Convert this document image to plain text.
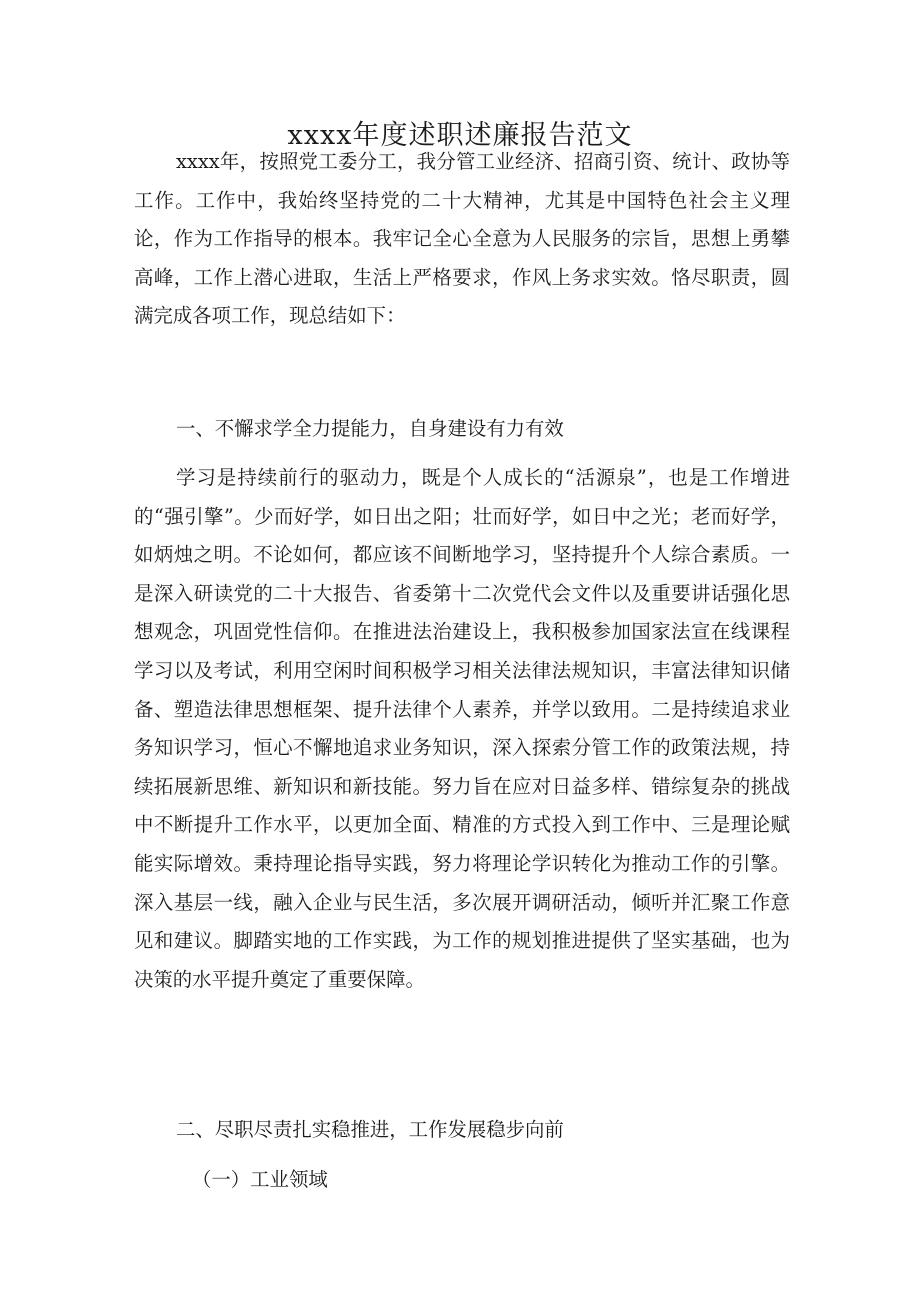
xxxx年度述职述廉报告范文

xxxx年，按照党工委分工，我分管工业经济、招商引资、统计、政协等工作。工作中，我始终坚持党的二十大精神，尤其是中国特色社会主义理论，作为工作指导的根本。我牢记全心全意为人民服务的宗旨，思想上勇攀高峰，工作上潜心进取，生活上严格要求，作风上务求实效。恪尽职责，圆满完成各项工作，现总结如下：

一、不懈求学全力提能力，自身建设有力有效

学习是持续前行的驱动力，既是个人成长的“活源泉”，也是工作增进的“强引擎”。少而好学，如日出之阳；壮而好学，如日中之光；老而好学，如炳烛之明。不论如何，都应该不间断地学习，坚持提升个人综合素质。一是深入研读党的二十大报告、省委第十二次党代会文件以及重要讲话强化思想观念，巩固党性信仰。在推进法治建设上，我积极参加国家法宣在线课程学习以及考试，利用空闲时间积极学习相关法律法规知识，丰富法律知识储备、塑造法律思想框架、提升法律个人素养，并学以致用。二是持续追求业务知识学习，恒心不懈地追求业务知识，深入探索分管工作的政策法规，持续拓展新思维、新知识和新技能。努力旨在应对日益多样、错综复杂的挑战中不断提升工作水平，以更加全面、精准的方式投入到工作中、三是理论赋能实际增效。秉持理论指导实践，努力将理论学识转化为推动工作的引擎。深入基层一线，融入企业与民生活，多次展开调研活动，倾听并汇聚工作意见和建议。脚踏实地的工作实践，为工作的规划推进提供了坚实基础，也为决策的水平提升奠定了重要保障。

二、尽职尽责扎实稳推进，工作发展稳步向前

（一）工业领域
